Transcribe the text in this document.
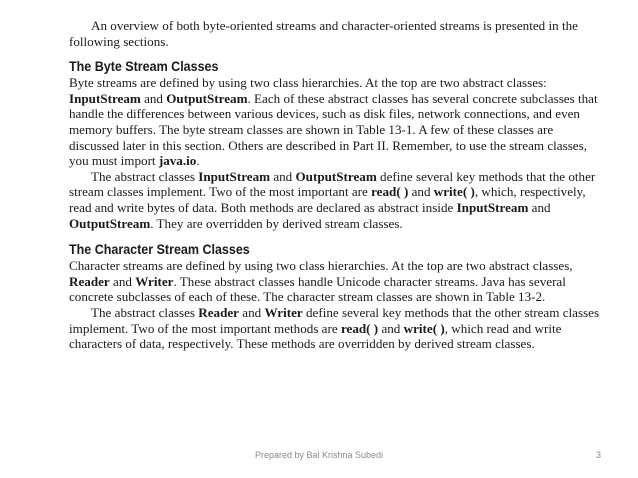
An overview of both byte-oriented streams and character-oriented streams is presented in the following sections.

The Byte Stream Classes

Byte streams are defined by using two class hierarchies. At the top are two abstract classes: InputStream and OutputStream. Each of these abstract classes has several concrete subclasses that handle the differences between various devices, such as disk files, network connections, and even memory buffers. The byte stream classes are shown in Table 13-1. A few of these classes are discussed later in this section. Others are described in Part II. Remember, to use the stream classes, you must import java.io.

The abstract classes InputStream and OutputStream define several key methods that the other stream classes implement. Two of the most important are read( ) and write( ), which, respectively, read and write bytes of data. Both methods are declared as abstract inside InputStream and OutputStream. They are overridden by derived stream classes.

The Character Stream Classes

Character streams are defined by using two class hierarchies. At the top are two abstract classes, Reader and Writer. These abstract classes handle Unicode character streams. Java has several concrete subclasses of each of these. The character stream classes are shown in Table 13-2.

The abstract classes Reader and Writer define several key methods that the other stream classes implement. Two of the most important methods are read( ) and write( ), which read and write characters of data, respectively. These methods are overridden by derived stream classes.

Prepared by Bal Krishna Subedi	3
